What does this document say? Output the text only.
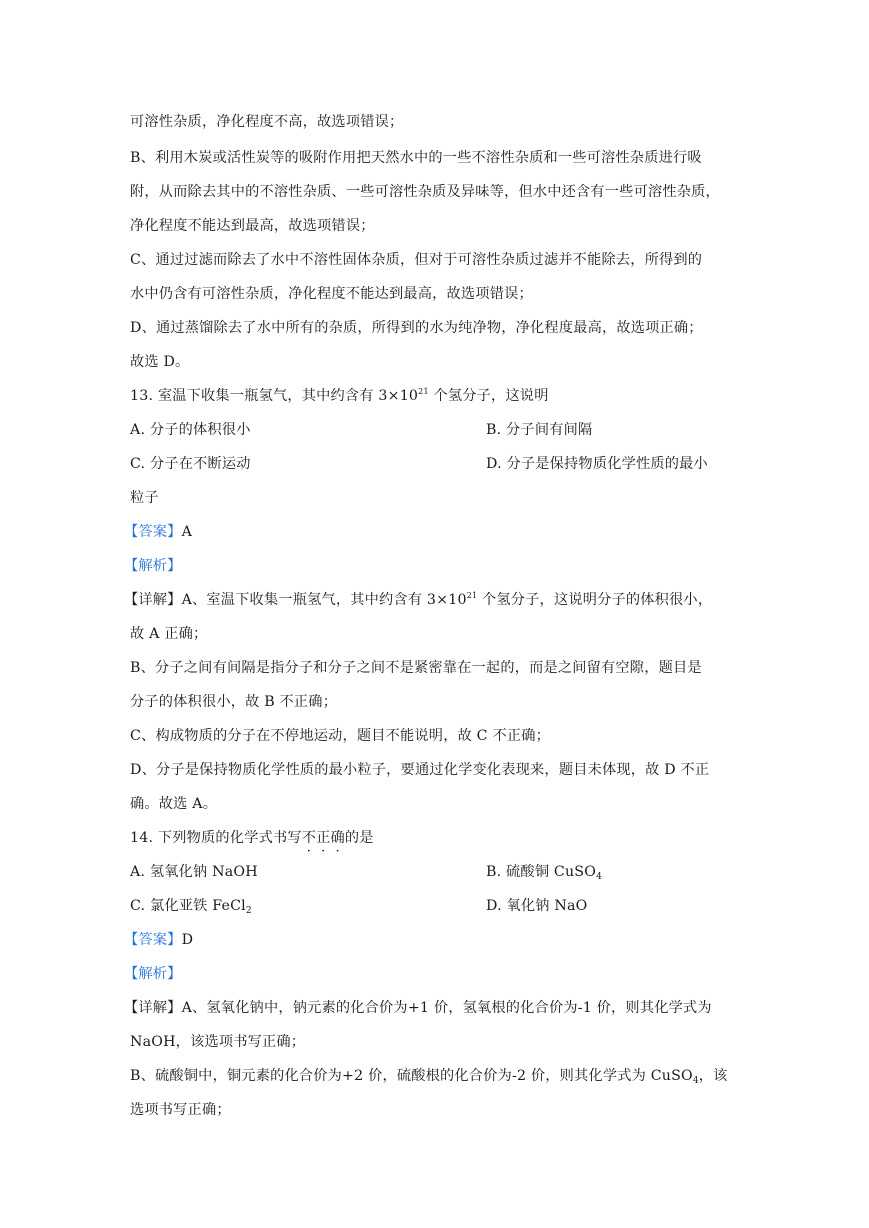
可溶性杂质，净化程度不高，故选项错误；
B、利用木炭或活性炭等的吸附作用把天然水中的一些不溶性杂质和一些可溶性杂质进行吸
附，从而除去其中的不溶性杂质、一些可溶性杂质及异味等，但水中还含有一些可溶性杂质，
净化程度不能达到最高，故选项错误；
C、通过过滤而除去了水中不溶性固体杂质，但对于可溶性杂质过滤并不能除去，所得到的
水中仍含有可溶性杂质，净化程度不能达到最高，故选项错误；
D、通过蒸馏除去了水中所有的杂质，所得到的水为纯净物，净化程度最高，故选项正确；
故选 D。
13. 室温下收集一瓶氢气，其中约含有 $3\times 10^{21}$ 个氢分子，这说明
A. 分子的体积很小	B. 分子间有间隔
C. 分子在不断运动	D. 分子是保持物质化学性质的最小
粒子
【答案】A
【解析】
【详解】A、室温下收集一瓶氢气，其中约含有 $3\times 10^{21}$ 个氢分子，这说明分子的体积很小，
故 A 正确；
B、分子之间有间隔是指分子和分子之间不是紧密靠在一起的，而是之间留有空隙，题目是
分子的体积很小，故 B 不正确；
C、构成物质的分子在不停地运动，题目不能说明，故 C 不正确；
D、分子是保持物质化学性质的最小粒子，要通过化学变化表现来，题目未体现，故 D 不正
确。故选 A。
14. 下列物质的化学式书写不正确的是
A. 氢氧化钠 NaOH	B. 硫酸铜 CuSO$_4$
C. 氯化亚铁 FeCl$_2$	D. 氧化钠 NaO
【答案】D
【解析】
【详解】A、氢氧化钠中，钠元素的化合价为+1 价，氢氧根的化合价为-1 价，则其化学式为
NaOH，该选项书写正确；
B、硫酸铜中，铜元素的化合价为+2 价，硫酸根的化合价为-2 价，则其化学式为 CuSO$_4$，该
选项书写正确；
